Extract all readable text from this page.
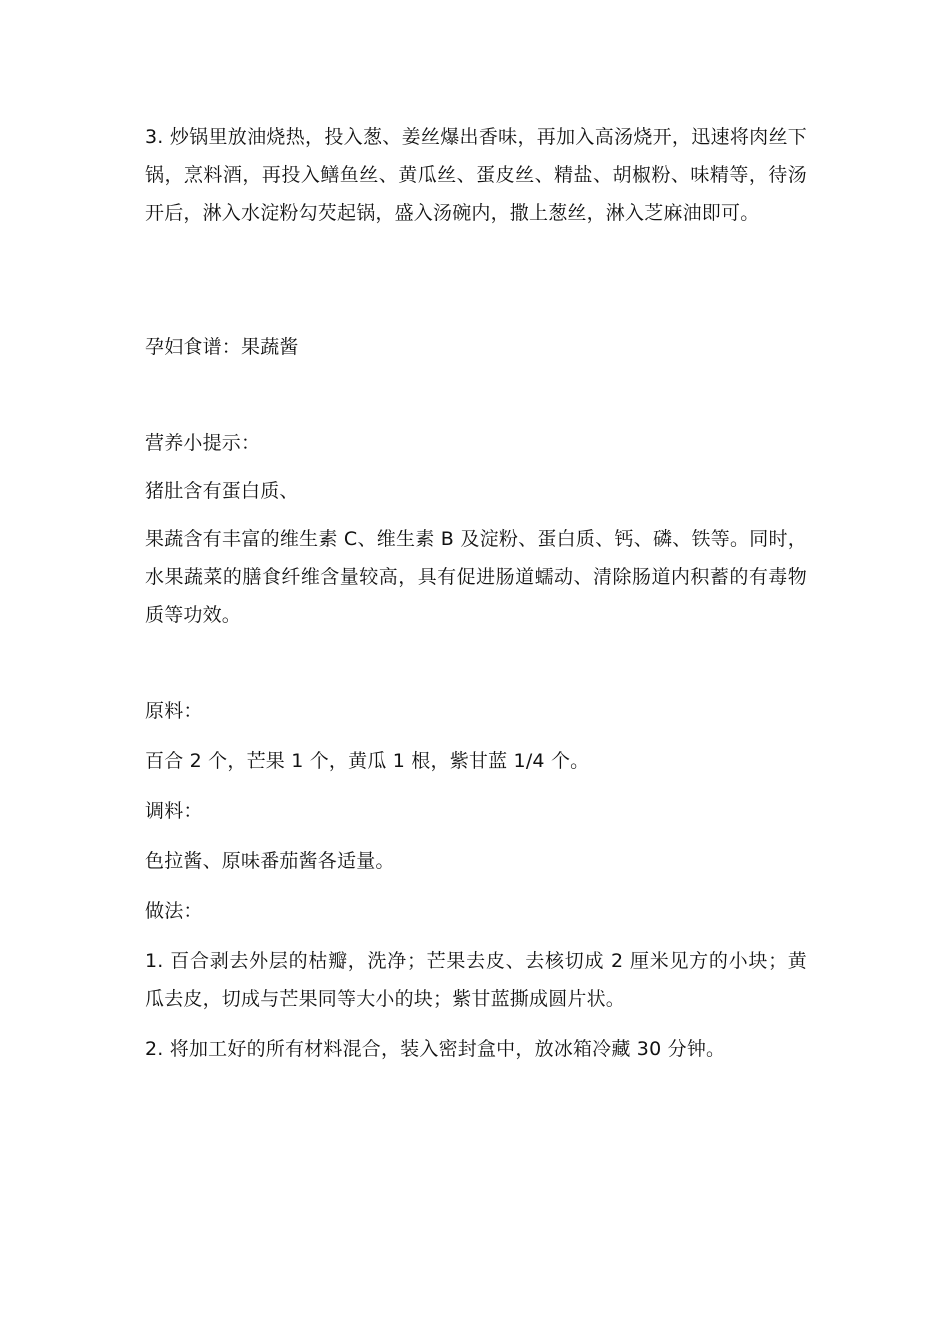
3. 炒锅里放油烧热，投入葱、姜丝爆出香味，再加入高汤烧开，迅速将肉丝下锅，烹料酒，再投入鳝鱼丝、黄瓜丝、蛋皮丝、精盐、胡椒粉、味精等，待汤开后，淋入水淀粉勾芡起锅，盛入汤碗内，撒上葱丝，淋入芝麻油即可。

孕妇食谱：果蔬酱

营养小提示：

猪肚含有蛋白质、

果蔬含有丰富的维生素 C、维生素 B 及淀粉、蛋白质、钙、磷、铁等。同时，水果蔬菜的膳食纤维含量较高，具有促进肠道蠕动、清除肠道内积蓄的有毒物质等功效。

原料：

百合 2 个，芒果 1 个，黄瓜 1 根，紫甘蓝 1/4 个。

调料：

色拉酱、原味番茄酱各适量。

做法：

1. 百合剥去外层的枯瓣，洗净；芒果去皮、去核切成 2 厘米见方的小块；黄瓜去皮，切成与芒果同等大小的块；紫甘蓝撕成圆片状。

2. 将加工好的所有材料混合，装入密封盒中，放冰箱冷藏 30 分钟。
